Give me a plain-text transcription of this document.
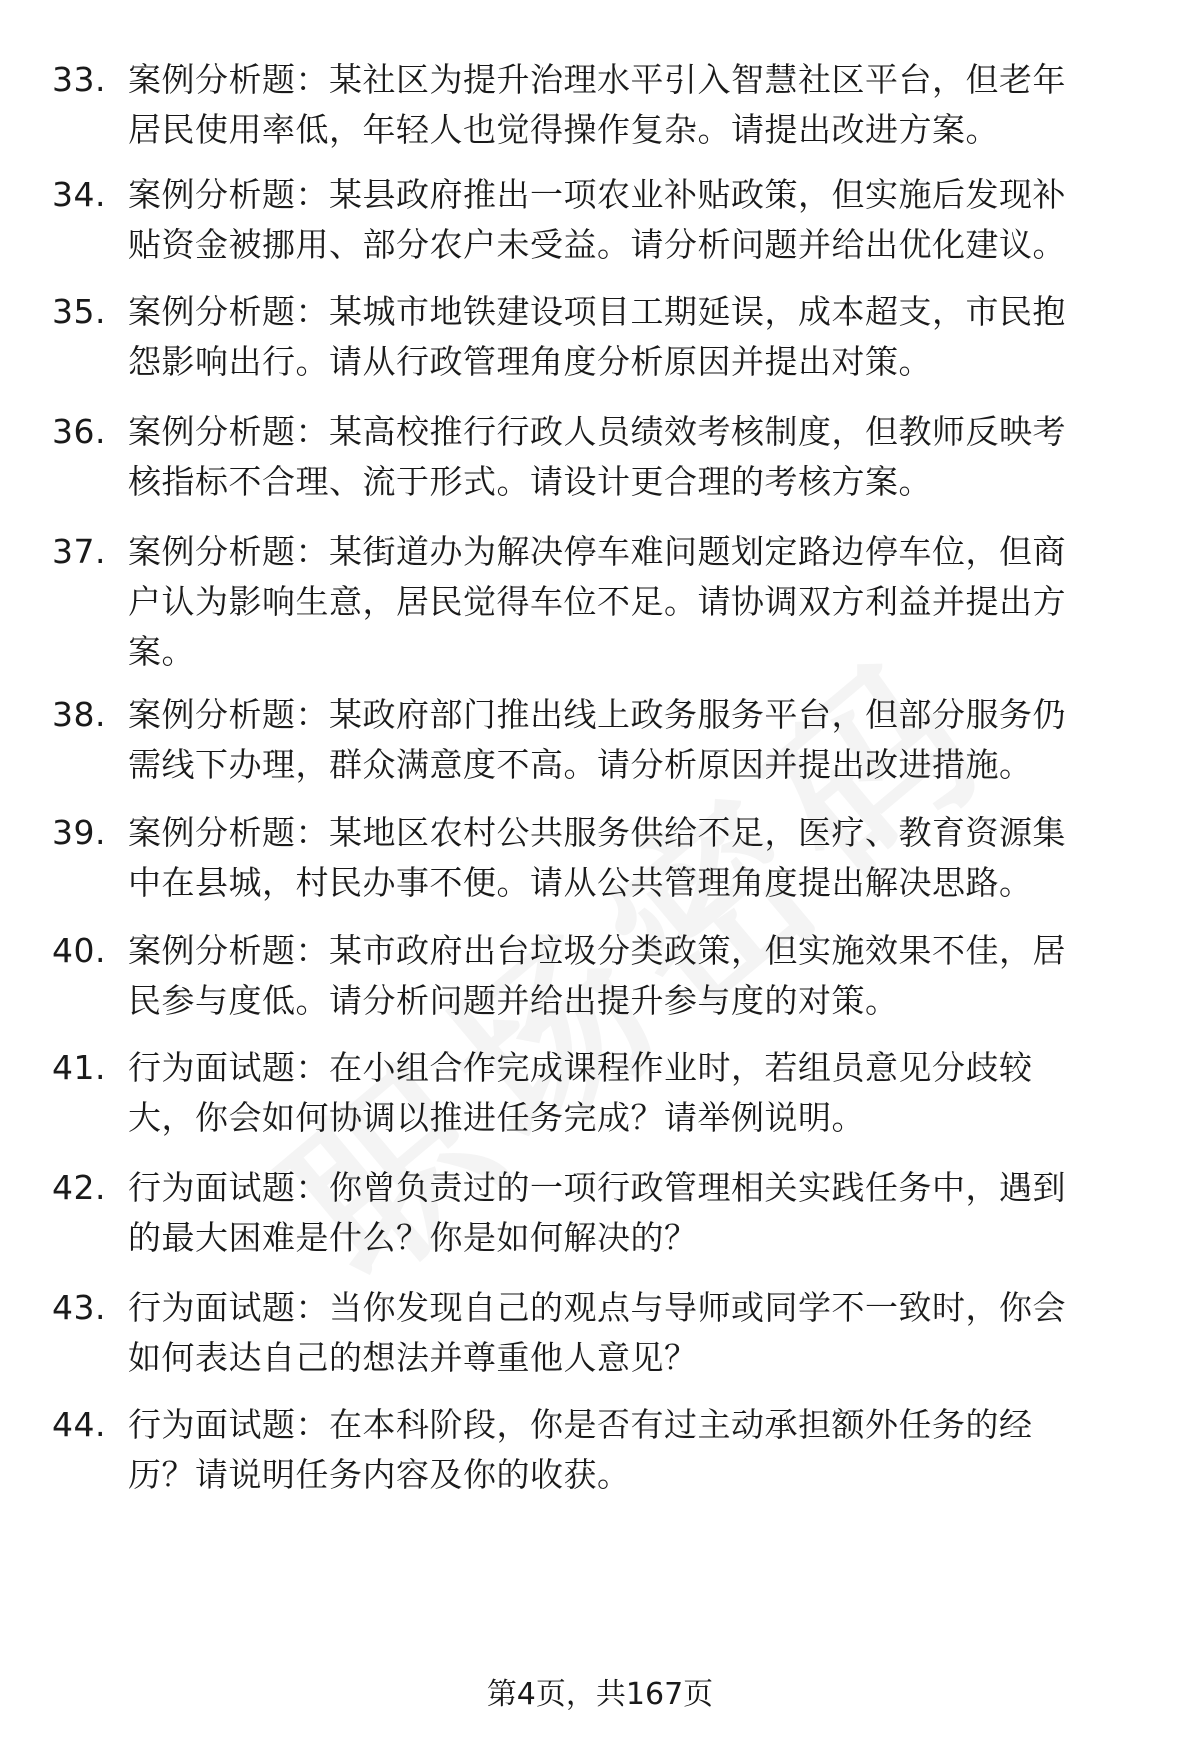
33. 案例分析题：某社区为提升治理水平引入智慧社区平台，但老年
居民使用率低，年轻人也觉得操作复杂。请提出改进方案。
34. 案例分析题：某县政府推出一项农业补贴政策，但实施后发现补
贴资金被挪用、部分农户未受益。请分析问题并给出优化建议。
35. 案例分析题：某城市地铁建设项目工期延误，成本超支，市民抱
怨影响出行。请从行政管理角度分析原因并提出对策。
36. 案例分析题：某高校推行行政人员绩效考核制度，但教师反映考
核指标不合理、流于形式。请设计更合理的考核方案。
37. 案例分析题：某街道办为解决停车难问题划定路边停车位，但商
户认为影响生意，居民觉得车位不足。请协调双方利益并提出方
案。
38. 案例分析题：某政府部门推出线上政务服务平台，但部分服务仍
需线下办理，群众满意度不高。请分析原因并提出改进措施。
39. 案例分析题：某地区农村公共服务供给不足，医疗、教育资源集
中在县城，村民办事不便。请从公共管理角度提出解决思路。
40. 案例分析题：某市政府出台垃圾分类政策，但实施效果不佳，居
民参与度低。请分析问题并给出提升参与度的对策。
41. 行为面试题：在小组合作完成课程作业时，若组员意见分歧较
大，你会如何协调以推进任务完成？请举例说明。
42. 行为面试题：你曾负责过的一项行政管理相关实践任务中，遇到
的最大困难是什么？你是如何解决的？
43. 行为面试题：当你发现自己的观点与导师或同学不一致时，你会
如何表达自己的想法并尊重他人意见？
44. 行为面试题：在本科阶段，你是否有过主动承担额外任务的经
历？请说明任务内容及你的收获。
第4页，共167页
